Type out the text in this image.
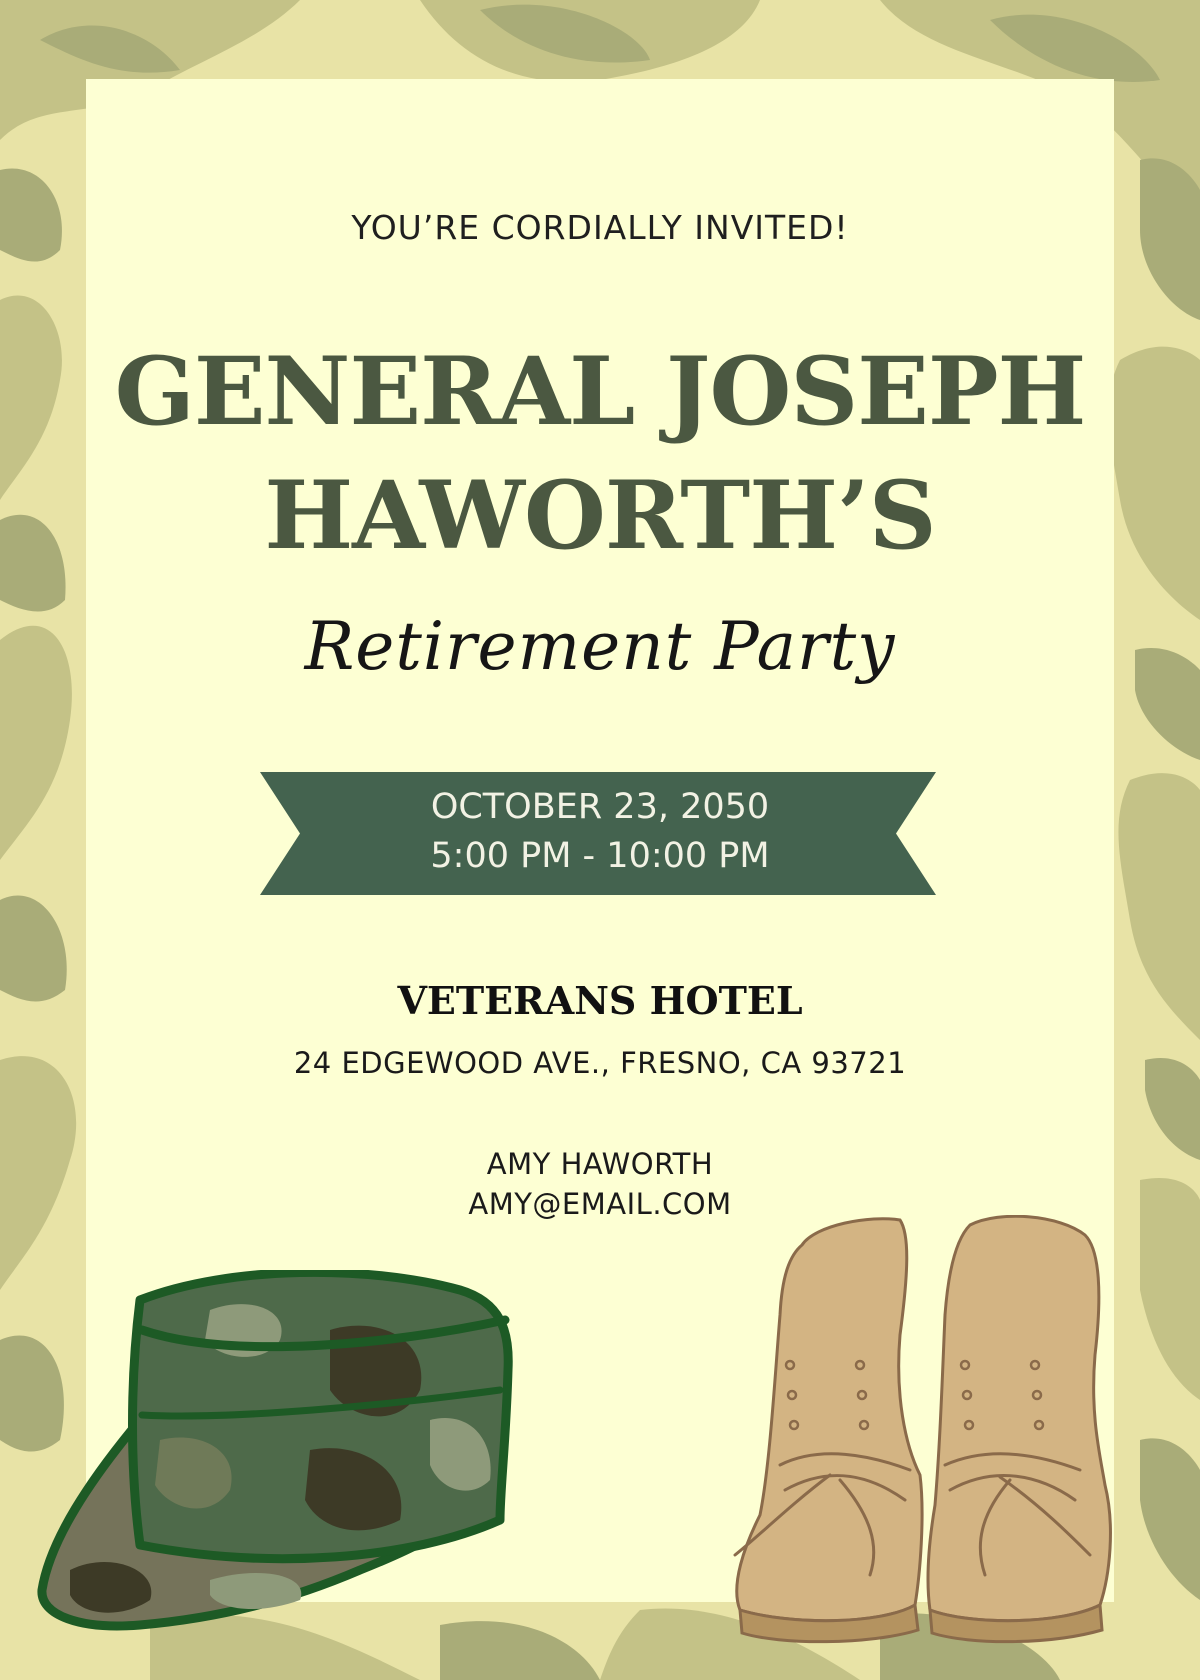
YOU’RE CORDIALLY INVITED!

GENERAL JOSEPH
HAWORTH’S

Retirement Party

OCTOBER 23, 2050

5:00 PM - 10:00 PM

VETERANS HOTEL

24 EDGEWOOD AVE., FRESNO, CA 93721

AMY HAWORTH

AMY@EMAIL.COM
